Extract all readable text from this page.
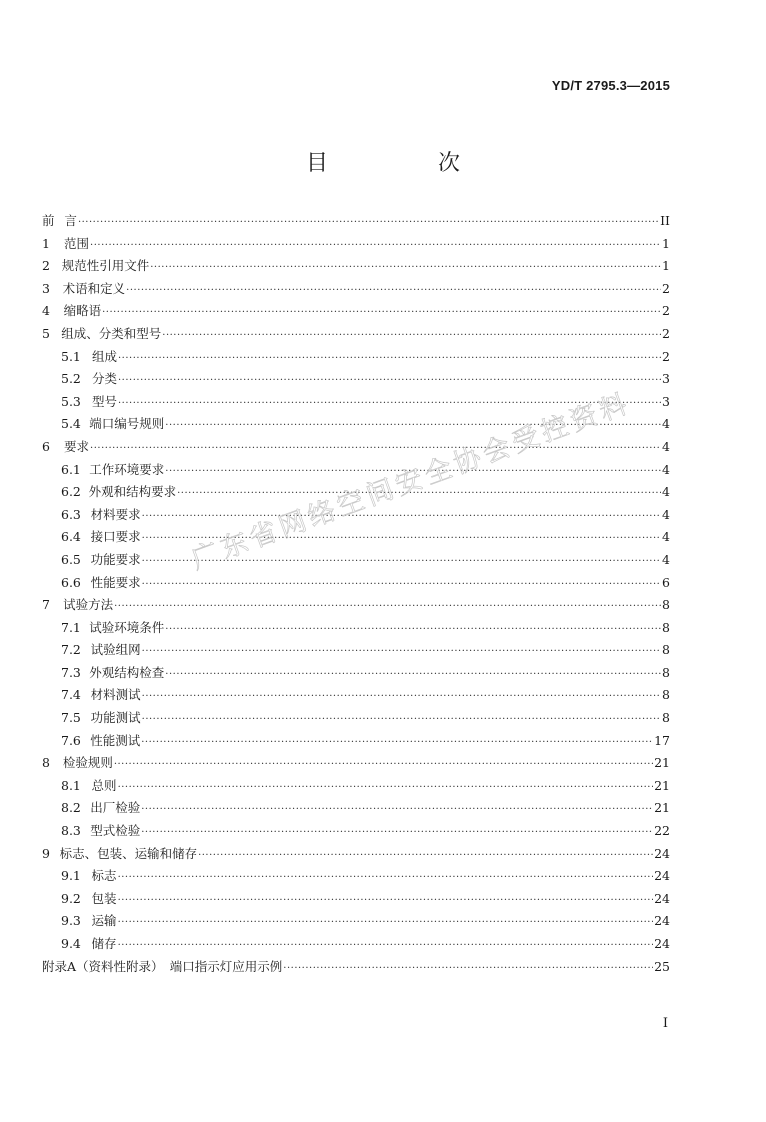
YD/T 2795.3—2015
目　次
前 言 ·····	II
1	范围 ·····	1
2 规范性引用文件 ·····	1
3	术语和定义 ·····	2
4	缩略语 ·····	2
5 组成、分类和型号 ·····	2
5.1 组成 ·····	2
5.2 分类 ·····	3
5.3 型号 ·····	3
5.4 端口编号规则 ·····	4
6	要求 ·····	4
6.1 工作环境要求 ·····	4
6.2 外观和结构要求 ·····	4
6.3 材料要求 ·····	4
6.4 接口要求 ·····	4
6.5 功能要求 ·····	4
6.6 性能要求 ·····	6
7	试验方法 ·····	8
7.1 试验环境条件 ·····	8
7.2 试验组网 ·····	8
7.3 外观结构检查 ·····	8
7.4 材料测试 ·····	8
7.5 功能测试 ·····	8
7.6 性能测试 ·····	17
8	检验规则 ·····	21
8.1 总则 ·····	21
8.2 出厂检验 ·····	21
8.3 型式检验 ·····	22
9 标志、包装、运输和储存 ·····	24
9.1 标志 ·····	24
9.2 包装 ·····	24
9.3 运输 ·····	24
9.4 储存 ·····	24
附录A（资料性附录）　端口指示灯应用示例 ·····	25
I
广东省网络空间安全协会受控资料
